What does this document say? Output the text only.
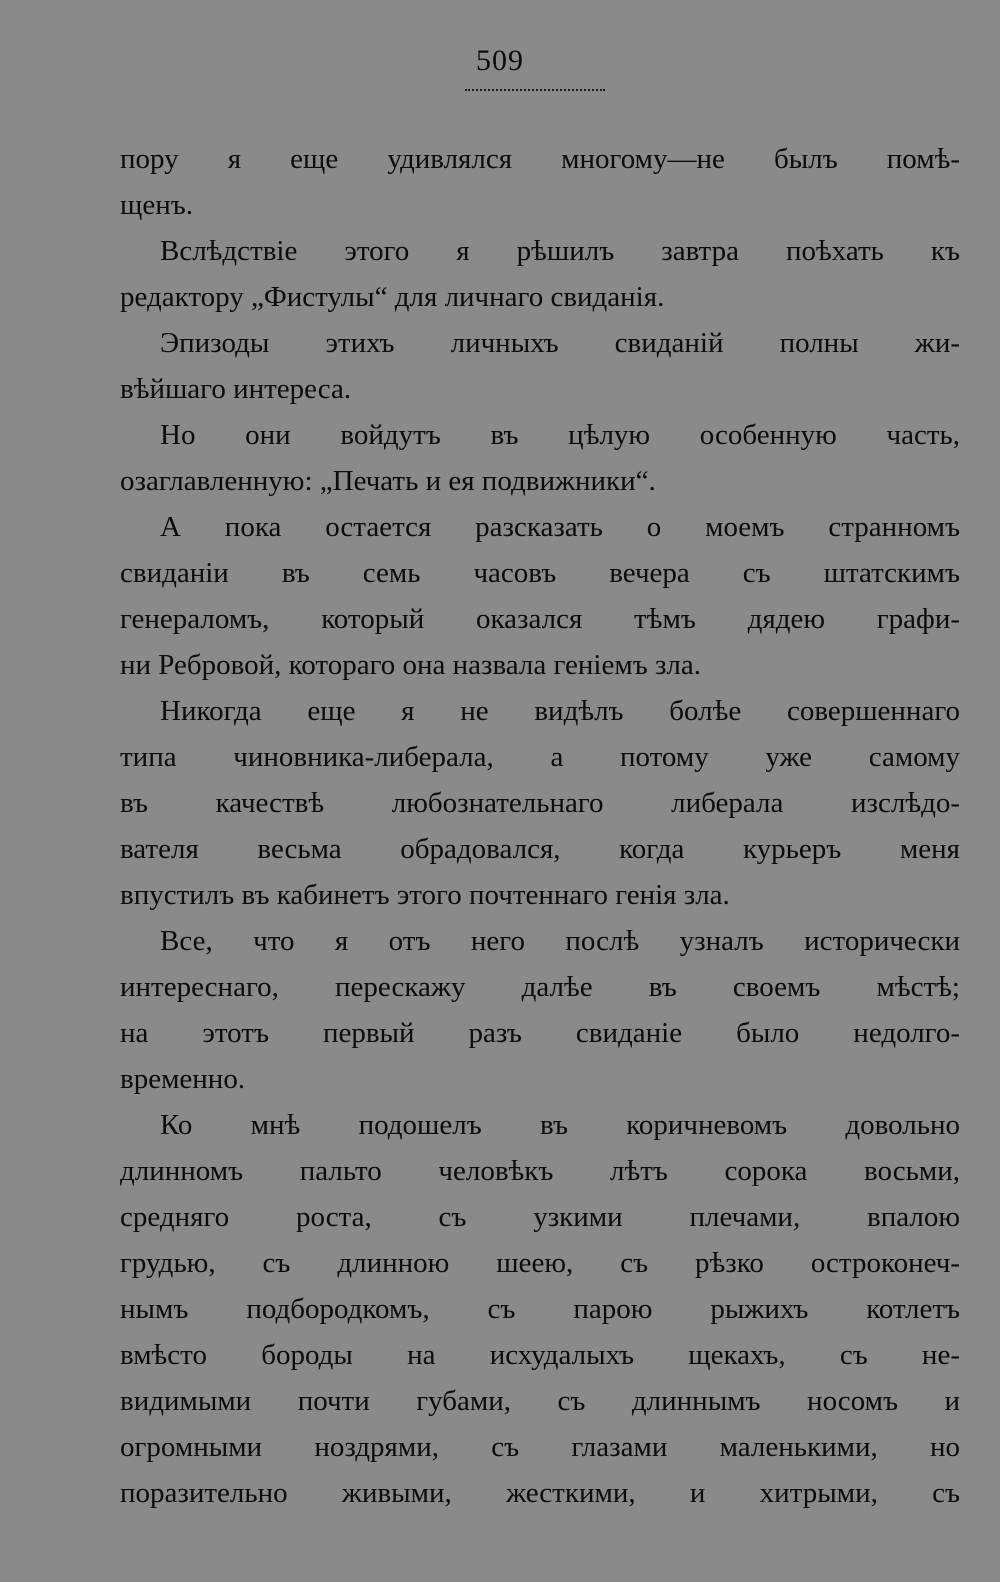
509
пору я еще удивлялся многому—не былъ помѣ-
щенъ.
Вслѣдствіе этого я рѣшилъ завтра поѣхать къ
редактору „Фистулы“ для личнаго свиданія.
Эпизоды этихъ личныхъ свиданій полны жи-
вѣйшаго интереса.
Но они войдутъ въ цѣлую особенную часть,
озаглавленную: „Печать и ея подвижники“.
А пока остается разсказать о моемъ странномъ
свиданіи въ семь часовъ вечера съ штатскимъ
генераломъ, который оказался тѣмъ дядею графи-
ни Ребровой, котораго она назвала геніемъ зла.
Никогда еще я не видѣлъ болѣе совершеннаго
типа чиновника-либерала, а потому уже самому
въ качествѣ любознательнаго либерала изслѣдо-
вателя весьма обрадовался, когда курьеръ меня
впустилъ въ кабинетъ этого почтеннаго генія зла.
Все, что я отъ него послѣ узналъ исторически
интереснаго, перескажу далѣе въ своемъ мѣстѣ;
на этотъ первый разъ свиданіе было недолго-
временно.
Ко мнѣ подошелъ въ коричневомъ довольно
длинномъ пальто человѣкъ лѣтъ сорока восьми,
средняго роста, съ узкими плечами, впалою
грудью, съ длинною шеею, съ рѣзко остроконеч-
нымъ подбородкомъ, съ парою рыжихъ котлетъ
вмѣсто бороды на исхудалыхъ щекахъ, съ не-
видимыми почти губами, съ длиннымъ носомъ и
огромными ноздрями, съ глазами маленькими, но
поразительно живыми, жесткими, и хитрыми, съ
